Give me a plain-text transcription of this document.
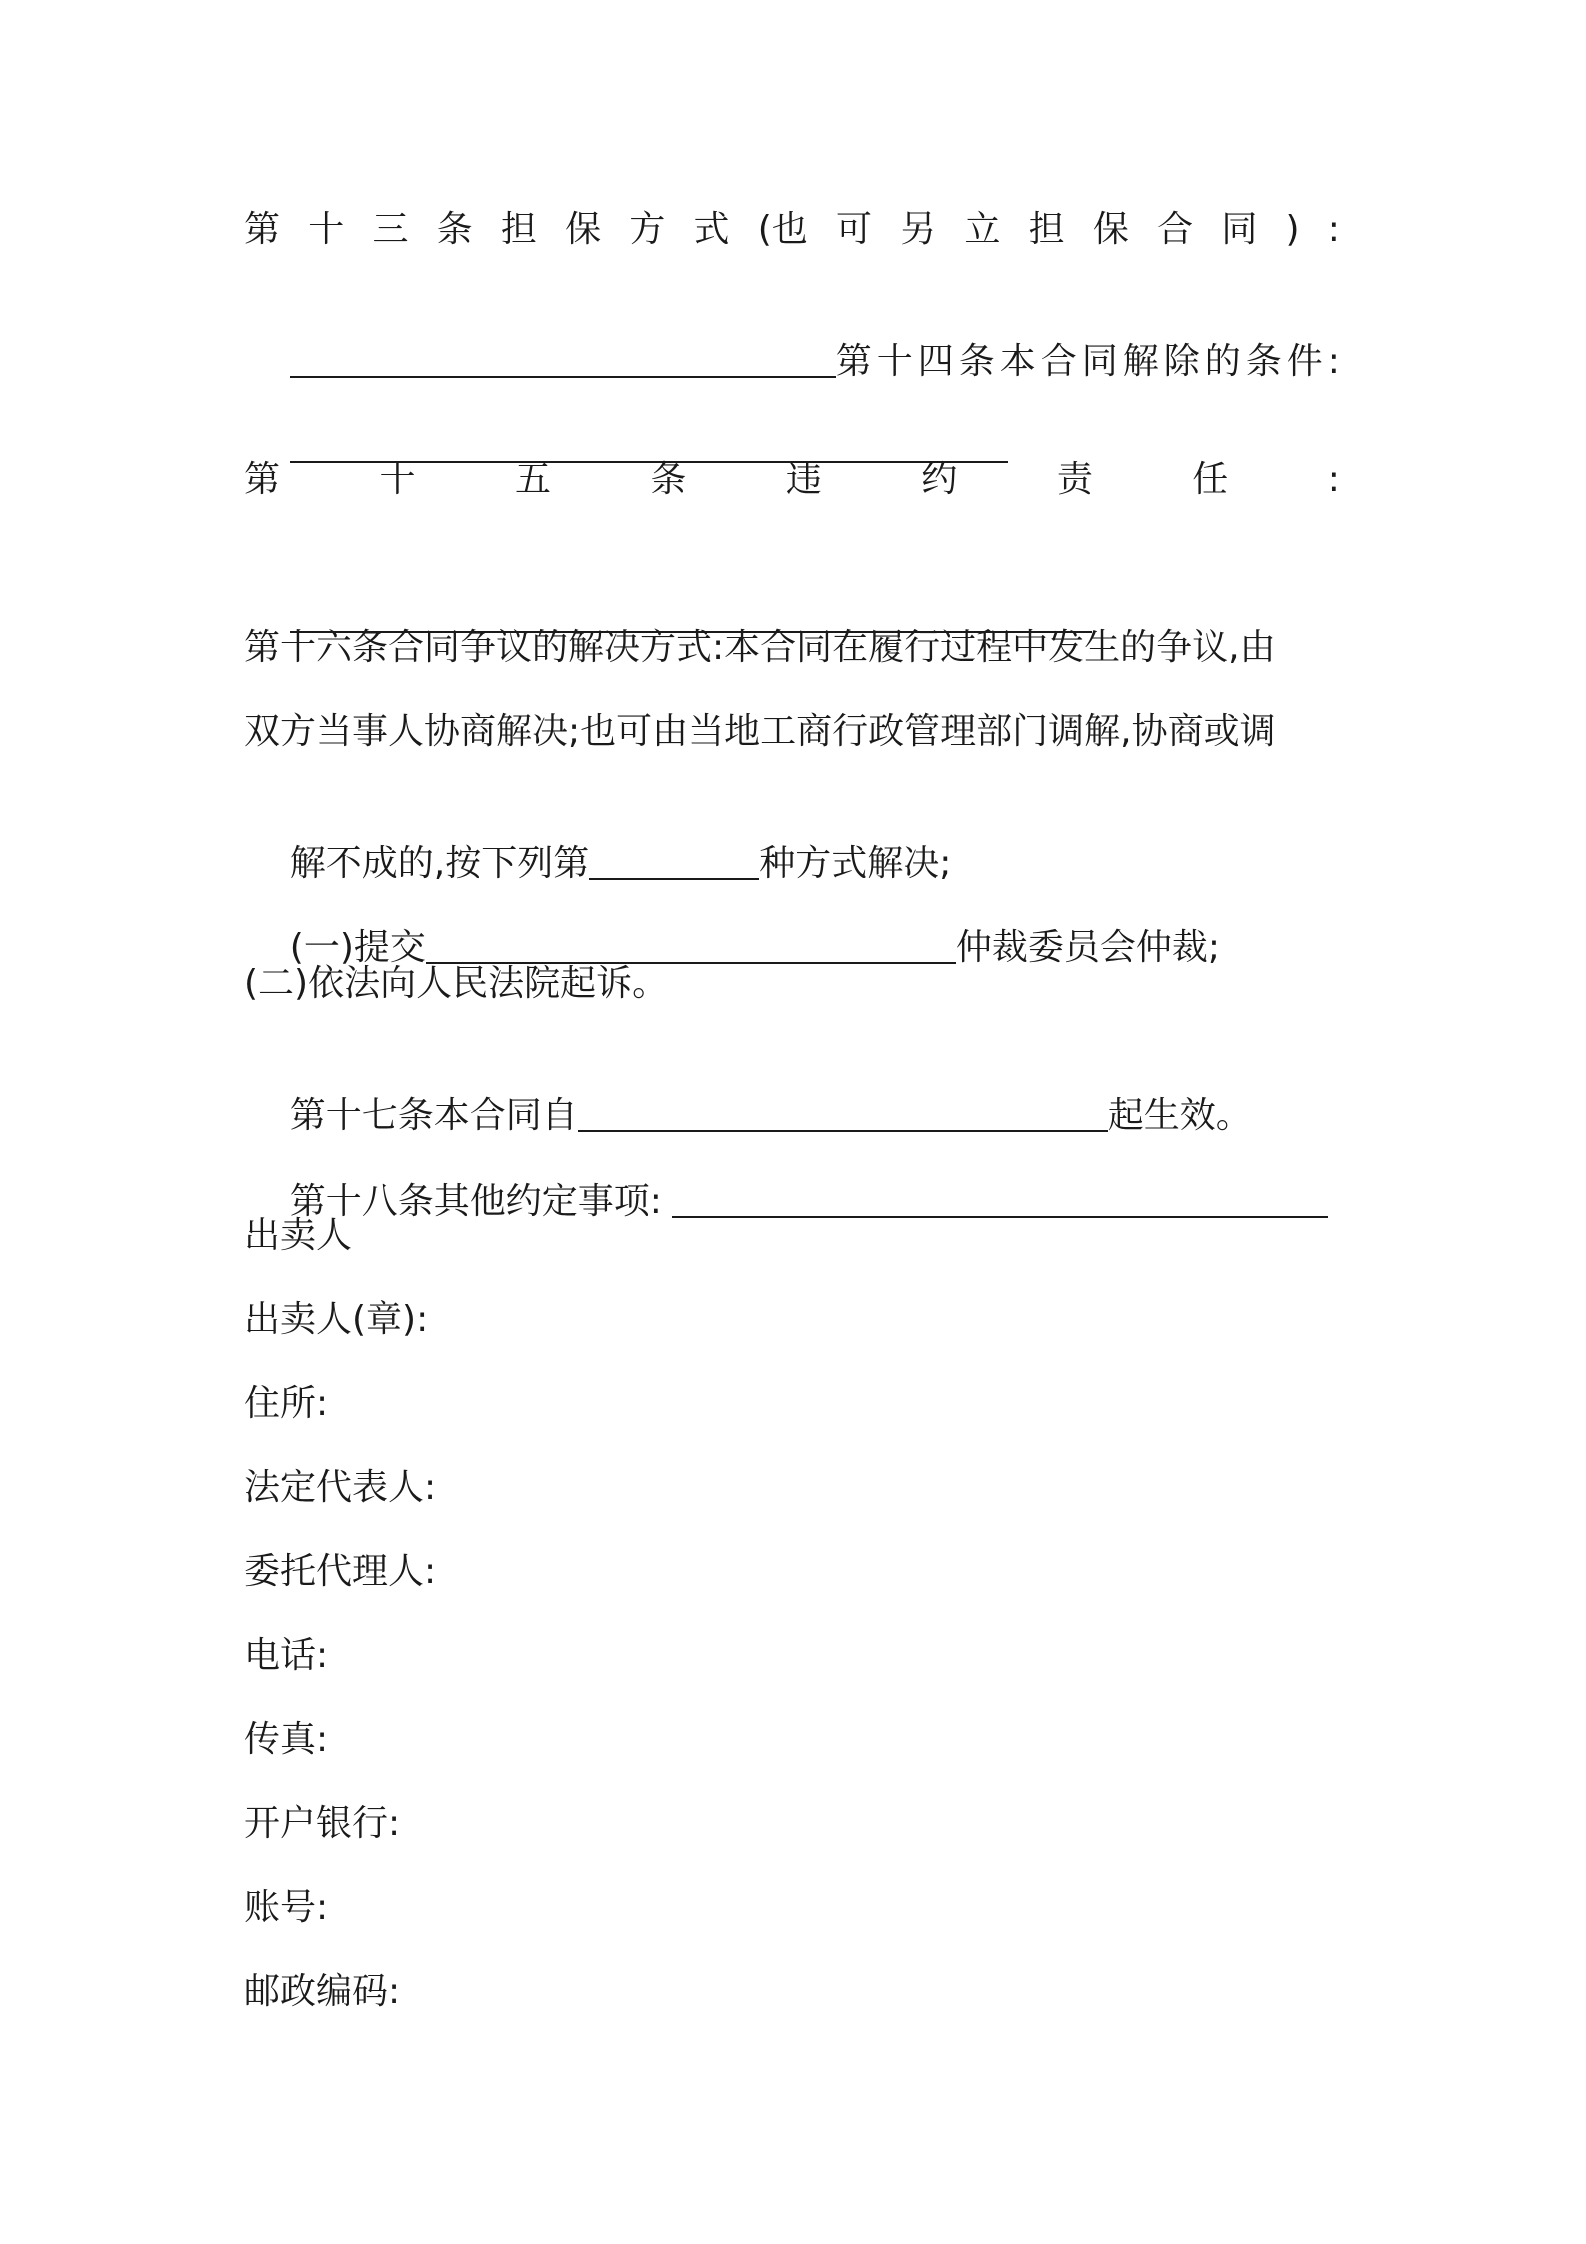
第 十 三 条 担 保 方 式 (也 可 另 立 担 保 合 同 ) :

第十四条本合同解除的条件:

第	十	五	条	违	约	责	任	:

第十六条合同争议的解决方式:本合同在履行过程中发生的争议,由
双方当事人协商解决;也可由当地工商行政管理部门调解,协商或调

解不成的,按下列第	种方式解决;

(一)提交	仲裁委员会仲裁;

(二)依法向人民法院起诉。

第十七条本合同自	起生效。

第十八条其他约定事项:

出卖人
出卖人(章):
住所:
法定代表人:
委托代理人:
电话:
传真:
开户银行:
账号:
邮政编码:
